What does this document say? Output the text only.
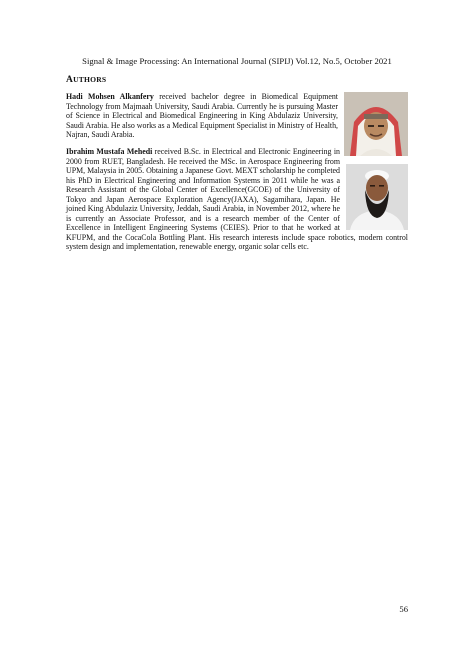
Signal & Image Processing: An International Journal (SIPIJ) Vol.12, No.5, October 2021
AUTHORS
Hadi Mohsen Alkanfery received bachelor degree in Biomedical Equipment Technology from Majmaah University, Saudi Arabia. Currently he is pursuing Master of Science in Electrical and Biomedical Engineering in King Abdulaziz University, Saudi Arabia. He also works as a Medical Equipment Specialist in Ministry of Health, Najran, Saudi Arabia.
Ibrahim Mustafa Mehedi received B.Sc. in Electrical and Electronic Engineering in 2000 from RUET, Bangladesh. He received the MSc. in Aerospace Engineering from UPM, Malaysia in 2005. Obtaining a Japanese Govt. MEXT scholarship he completed his PhD in Electrical Engineering and Information Systems in 2011 while he was a Research Assistant of the Global Center of Excellence(GCOE) of the University of Tokyo and Japan Aerospace Exploration Agency(JAXA), Sagamihara, Japan. He joined King Abdulaziz University, Jeddah, Saudi Arabia, in November 2012, where he is currently an Associate Professor, and is a research member of the Center of Excellence in Intelligent Engineering Systems (CEIES). Prior to that he worked at KFUPM, and the CocaCola Bottling Plant. His research interests include space robotics, modern control system design and implementation, renewable energy, organic solar cells etc.
56
